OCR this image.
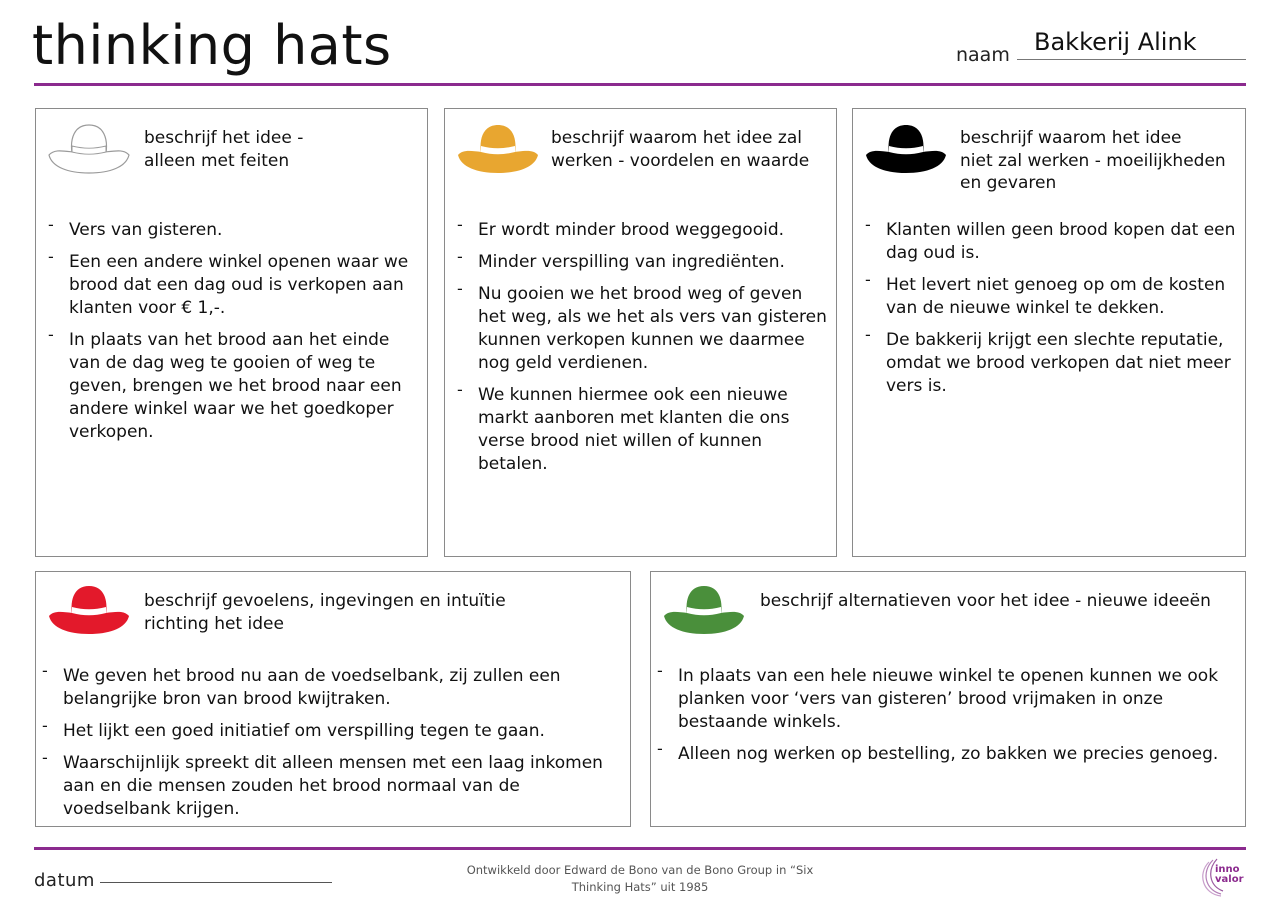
thinking hats	naam Bakkerij Alink
beschrijf het idee -
alleen met feiten
- Vers van gisteren.
- Een een andere winkel openen waar we brood dat een dag oud is verkopen aan klanten voor € 1,-.
- In plaats van het brood aan het einde van de dag weg te gooien of weg te geven, brengen we het brood naar een andere winkel waar we het goedkoper verkopen.
beschrijf waarom het idee zal
werken - voordelen en waarde
- Er wordt minder brood weggegooid.
- Minder verspilling van ingrediënten.
- Nu gooien we het brood weg of geven het weg, als we het als vers van gisteren kunnen verkopen kunnen we daarmee nog geld verdienen.
- We kunnen hiermee ook een nieuwe markt aanboren met klanten die ons verse brood niet willen of kunnen betalen.
beschrijf waarom het idee
niet zal werken - moeilijkheden
en gevaren
- Klanten willen geen brood kopen dat een dag oud is.
- Het levert niet genoeg op om de kosten van de nieuwe winkel te dekken.
- De bakkerij krijgt een slechte reputatie, omdat we brood verkopen dat niet meer vers is.
beschrijf gevoelens, ingevingen en intuïtie
richting het idee
- We geven het brood nu aan de voedselbank, zij zullen een belangrijke bron van brood kwijtraken.
- Het lijkt een goed initiatief om verspilling tegen te gaan.
- Waarschijnlijk spreekt dit alleen mensen met een laag inkomen aan en die mensen zouden het brood normaal van de voedselbank krijgen.
beschrijf alternatieven voor het idee - nieuwe ideeën
- In plaats van een hele nieuwe winkel te openen kunnen we ook planken voor ‘vers van gisteren’ brood vrijmaken in onze bestaande winkels.
- Alleen nog werken op bestelling, zo bakken we precies genoeg.
datum	Ontwikkeld door Edward de Bono van de Bono Group in “Six Thinking Hats” uit 1985
inno
valor
